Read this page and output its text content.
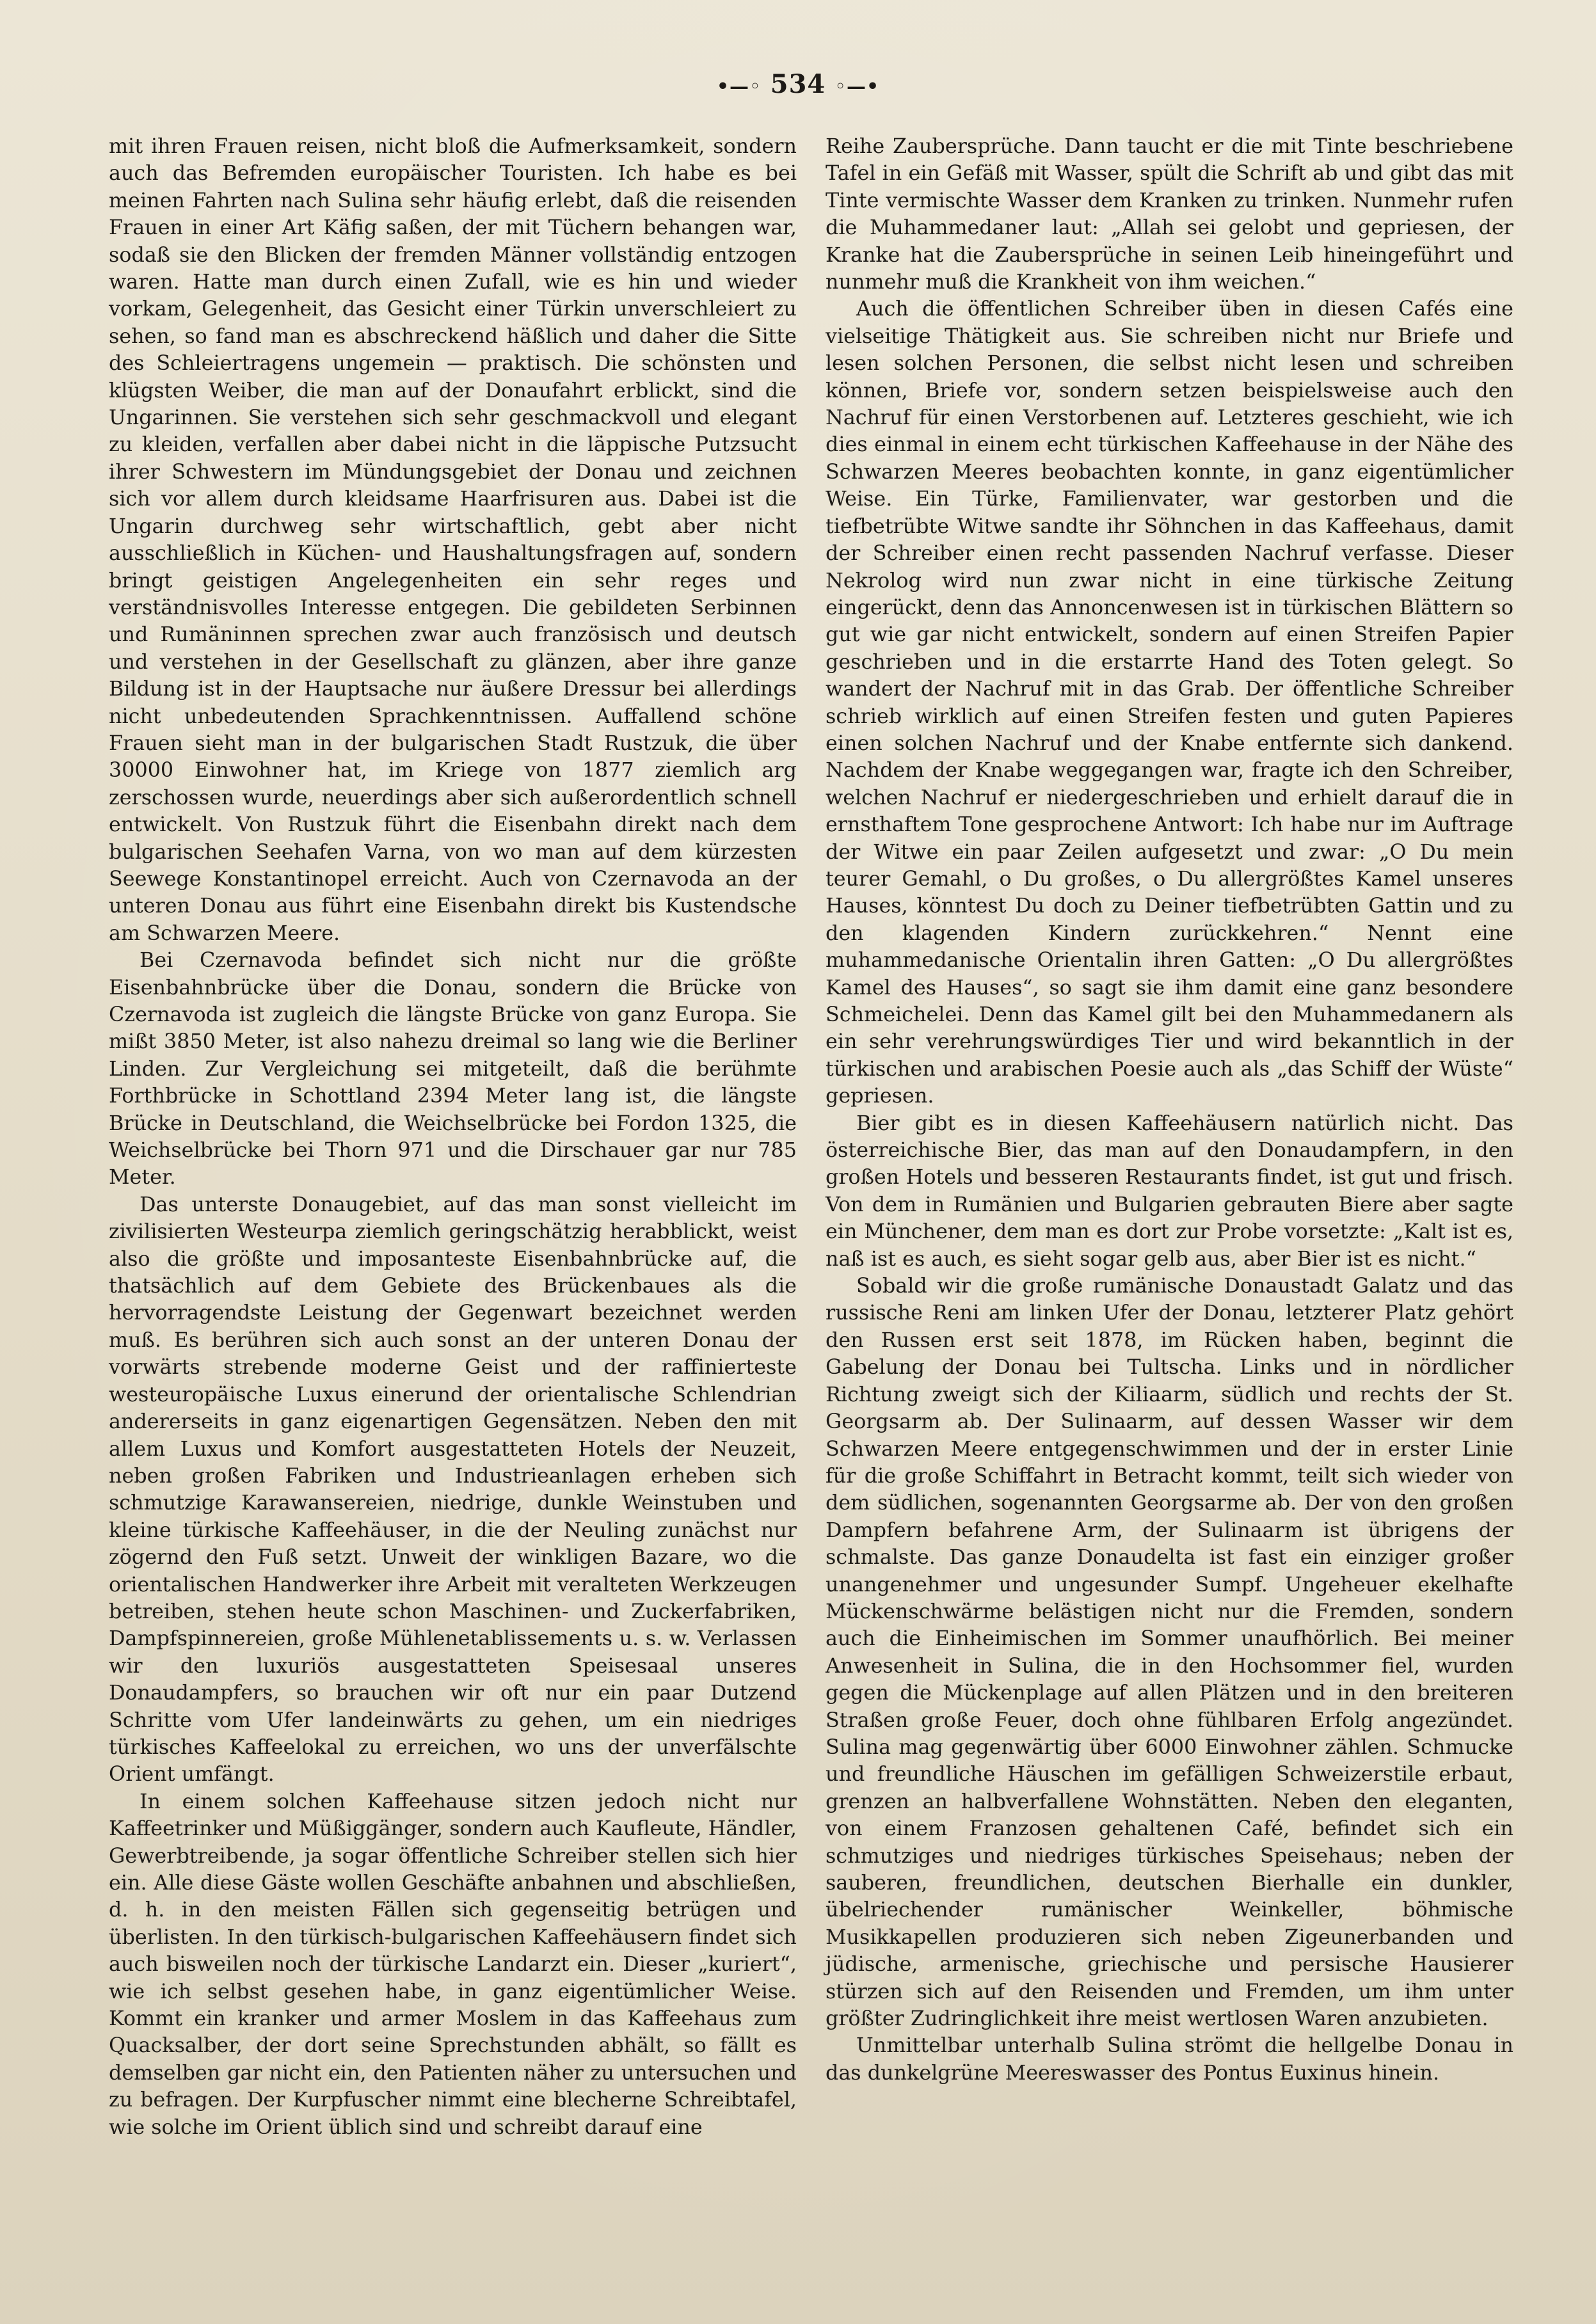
•—◦ 534 ◦—•

mit ihren Frauen reisen, nicht bloß die Aufmerksamkeit, sondern auch das Befremden europäischer Touristen. Ich habe es bei meinen Fahrten nach Sulina sehr häufig erlebt, daß die reisenden Frauen in einer Art Käfig saßen, der mit Tüchern behangen war, sodaß sie den Blicken der fremden Männer vollständig entzogen waren. Hatte man durch einen Zufall, wie es hin und wieder vorkam, Gelegenheit, das Gesicht einer Türkin unverschleiert zu sehen, so fand man es abschreckend häßlich und daher die Sitte des Schleiertragens ungemein — praktisch. Die schönsten und klügsten Weiber, die man auf der Donaufahrt erblickt, sind die Ungarinnen. Sie verstehen sich sehr geschmackvoll und elegant zu kleiden, verfallen aber dabei nicht in die läppische Putzsucht ihrer Schwestern im Mündungsgebiet der Donau und zeichnen sich vor allem durch kleidsame Haarfrisuren aus. Dabei ist die Ungarin durchweg sehr wirtschaftlich, gebt aber nicht ausschließlich in Küchen- und Haushaltungsfragen auf, sondern bringt geistigen Angelegenheiten ein sehr reges und verständnisvolles Interesse entgegen. Die gebildeten Serbinnen und Rumäninnen sprechen zwar auch französisch und deutsch und verstehen in der Gesellschaft zu glänzen, aber ihre ganze Bildung ist in der Hauptsache nur äußere Dressur bei allerdings nicht unbedeutenden Sprachkenntnissen. Auffallend schöne Frauen sieht man in der bulgarischen Stadt Rustzuk, die über 30000 Einwohner hat, im Kriege von 1877 ziemlich arg zerschossen wurde, neuerdings aber sich außerordentlich schnell entwickelt. Von Rustzuk führt die Eisenbahn direkt nach dem bulgarischen Seehafen Varna, von wo man auf dem kürzesten Seewege Konstantinopel erreicht. Auch von Czernavoda an der unteren Donau aus führt eine Eisenbahn direkt bis Kustendsche am Schwarzen Meere.

Bei Czernavoda befindet sich nicht nur die größte Eisenbahnbrücke über die Donau, sondern die Brücke von Czernavoda ist zugleich die längste Brücke von ganz Europa. Sie mißt 3850 Meter, ist also nahezu dreimal so lang wie die Berliner Linden. Zur Vergleichung sei mitgeteilt, daß die berühmte Forthbrücke in Schottland 2394 Meter lang ist, die längste Brücke in Deutschland, die Weichselbrücke bei Fordon 1325, die Weichselbrücke bei Thorn 971 und die Dirschauer gar nur 785 Meter.

Das unterste Donaugebiet, auf das man sonst vielleicht im zivilisierten Westeurpa ziemlich geringschätzig herabblickt, weist also die größte und imposanteste Eisenbahnbrücke auf, die thatsächlich auf dem Gebiete des Brückenbaues als die hervorragendste Leistung der Gegenwart bezeichnet werden muß. Es berühren sich auch sonst an der unteren Donau der vorwärts strebende moderne Geist und der raffinierteste westeuropäische Luxus einerund der orientalische Schlendrian andererseits in ganz eigenartigen Gegensätzen. Neben den mit allem Luxus und Komfort ausgestatteten Hotels der Neuzeit, neben großen Fabriken und Industrieanlagen erheben sich schmutzige Karawansereien, niedrige, dunkle Weinstuben und kleine türkische Kaffeehäuser, in die der Neuling zunächst nur zögernd den Fuß setzt. Unweit der winkligen Bazare, wo die orientalischen Handwerker ihre Arbeit mit veralteten Werkzeugen betreiben, stehen heute schon Maschinen- und Zuckerfabriken, Dampfspinnereien, große Mühlenetablissements u. s. w. Verlassen wir den luxuriös ausgestatteten Speisesaal unseres Donaudampfers, so brauchen wir oft nur ein paar Dutzend Schritte vom Ufer landeinwärts zu gehen, um ein niedriges türkisches Kaffeelokal zu erreichen, wo uns der unverfälschte Orient umfängt.

In einem solchen Kaffeehause sitzen jedoch nicht nur Kaffeetrinker und Müßiggänger, sondern auch Kaufleute, Händler, Gewerbtreibende, ja sogar öffentliche Schreiber stellen sich hier ein. Alle diese Gäste wollen Geschäfte anbahnen und abschließen, d. h. in den meisten Fällen sich gegenseitig betrügen und überlisten. In den türkisch-bulgarischen Kaffeehäusern findet sich auch bisweilen noch der türkische Landarzt ein. Dieser „kuriert“, wie ich selbst gesehen habe, in ganz eigentümlicher Weise. Kommt ein kranker und armer Moslem in das Kaffeehaus zum Quacksalber, der dort seine Sprechstunden abhält, so fällt es demselben gar nicht ein, den Patienten näher zu untersuchen und zu befragen. Der Kurpfuscher nimmt eine blecherne Schreibtafel, wie solche im Orient üblich sind und schreibt darauf eine

Reihe Zaubersprüche. Dann taucht er die mit Tinte beschriebene Tafel in ein Gefäß mit Wasser, spült die Schrift ab und gibt das mit Tinte vermischte Wasser dem Kranken zu trinken. Nunmehr rufen die Muhammedaner laut: „Allah sei gelobt und gepriesen, der Kranke hat die Zaubersprüche in seinen Leib hineingeführt und nunmehr muß die Krankheit von ihm weichen.“

Auch die öffentlichen Schreiber üben in diesen Cafés eine vielseitige Thätigkeit aus. Sie schreiben nicht nur Briefe und lesen solchen Personen, die selbst nicht lesen und schreiben können, Briefe vor, sondern setzen beispielsweise auch den Nachruf für einen Verstorbenen auf. Letzteres geschieht, wie ich dies einmal in einem echt türkischen Kaffeehause in der Nähe des Schwarzen Meeres beobachten konnte, in ganz eigentümlicher Weise. Ein Türke, Familienvater, war gestorben und die tiefbetrübte Witwe sandte ihr Söhnchen in das Kaffeehaus, damit der Schreiber einen recht passenden Nachruf verfasse. Dieser Nekrolog wird nun zwar nicht in eine türkische Zeitung eingerückt, denn das Annoncenwesen ist in türkischen Blättern so gut wie gar nicht entwickelt, sondern auf einen Streifen Papier geschrieben und in die erstarrte Hand des Toten gelegt. So wandert der Nachruf mit in das Grab. Der öffentliche Schreiber schrieb wirklich auf einen Streifen festen und guten Papieres einen solchen Nachruf und der Knabe entfernte sich dankend. Nachdem der Knabe weggegangen war, fragte ich den Schreiber, welchen Nachruf er niedergeschrieben und erhielt darauf die in ernsthaftem Tone gesprochene Antwort: Ich habe nur im Auftrage der Witwe ein paar Zeilen aufgesetzt und zwar: „O Du mein teurer Gemahl, o Du großes, o Du allergrößtes Kamel unseres Hauses, könntest Du doch zu Deiner tiefbetrübten Gattin und zu den klagenden Kindern zurückkehren.“ Nennt eine muhammedanische Orientalin ihren Gatten: „O Du allergrößtes Kamel des Hauses“, so sagt sie ihm damit eine ganz besondere Schmeichelei. Denn das Kamel gilt bei den Muhammedanern als ein sehr verehrungswürdiges Tier und wird bekanntlich in der türkischen und arabischen Poesie auch als „das Schiff der Wüste“ gepriesen.

Bier gibt es in diesen Kaffeehäusern natürlich nicht. Das österreichische Bier, das man auf den Donaudampfern, in den großen Hotels und besseren Restaurants findet, ist gut und frisch. Von dem in Rumänien und Bulgarien gebrauten Biere aber sagte ein Münchener, dem man es dort zur Probe vorsetzte: „Kalt ist es, naß ist es auch, es sieht sogar gelb aus, aber Bier ist es nicht.“

Sobald wir die große rumänische Donaustadt Galatz und das russische Reni am linken Ufer der Donau, letzterer Platz gehört den Russen erst seit 1878, im Rücken haben, beginnt die Gabelung der Donau bei Tultscha. Links und in nördlicher Richtung zweigt sich der Kiliaarm, südlich und rechts der St. Georgsarm ab. Der Sulinaarm, auf dessen Wasser wir dem Schwarzen Meere entgegenschwimmen und der in erster Linie für die große Schiffahrt in Betracht kommt, teilt sich wieder von dem südlichen, sogenannten Georgsarme ab. Der von den großen Dampfern befahrene Arm, der Sulinaarm ist übrigens der schmalste. Das ganze Donaudelta ist fast ein einziger großer unangenehmer und ungesunder Sumpf. Ungeheuer ekelhafte Mückenschwärme belästigen nicht nur die Fremden, sondern auch die Einheimischen im Sommer unaufhörlich. Bei meiner Anwesenheit in Sulina, die in den Hochsommer fiel, wurden gegen die Mückenplage auf allen Plätzen und in den breiteren Straßen große Feuer, doch ohne fühlbaren Erfolg angezündet. Sulina mag gegenwärtig über 6000 Einwohner zählen. Schmucke und freundliche Häuschen im gefälligen Schweizerstile erbaut, grenzen an halbverfallene Wohnstätten. Neben den eleganten, von einem Franzosen gehaltenen Café, befindet sich ein schmutziges und niedriges türkisches Speisehaus; neben der sauberen, freundlichen, deutschen Bierhalle ein dunkler, übelriechender rumänischer Weinkeller, böhmische Musikkapellen produzieren sich neben Zigeunerbanden und jüdische, armenische, griechische und persische Hausierer stürzen sich auf den Reisenden und Fremden, um ihm unter größter Zudringlichkeit ihre meist wertlosen Waren anzubieten.

Unmittelbar unterhalb Sulina strömt die hellgelbe Donau in das dunkelgrüne Meereswasser des Pontus Euxinus hinein.
